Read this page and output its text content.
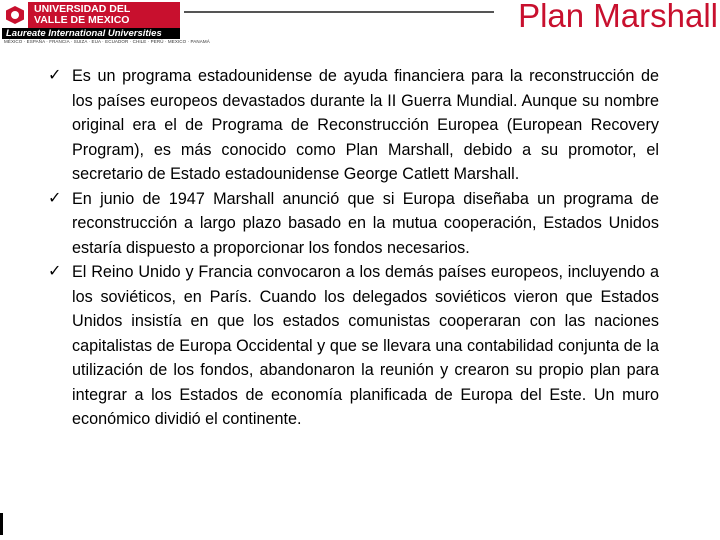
UNIVERSIDAD DEL
VALLE DE MEXICO
Laureate International Universities
MÉXICO · ESPAÑA · FRANCIA · SUIZA · EUA · ECUADOR · CHILE · PERÚ · MEXICO · PANAMÁ
Plan Marshall
✓ Es un programa estadounidense de ayuda financiera para la reconstrucción de los países europeos devastados durante la II Guerra Mundial. Aunque su nombre original era el de Programa de Reconstrucción Europea (European Recovery Program), es más conocido como Plan Marshall, debido a su promotor, el secretario de Estado estadounidense George Catlett Marshall.
✓ En junio de 1947 Marshall anunció que si Europa diseñaba un programa de reconstrucción a largo plazo basado en la mutua cooperación, Estados Unidos estaría dispuesto a proporcionar los fondos necesarios.
✓ El Reino Unido y Francia convocaron a los demás países europeos, incluyendo a los soviéticos, en París. Cuando los delegados soviéticos vieron que Estados Unidos insistía en que los estados comunistas cooperaran con las naciones capitalistas de Europa Occidental y que se llevara una contabilidad conjunta de la utilización de los fondos, abandonaron la reunión y crearon su propio plan para integrar a los Estados de economía planificada de Europa del Este. Un muro económico dividió el continente.
